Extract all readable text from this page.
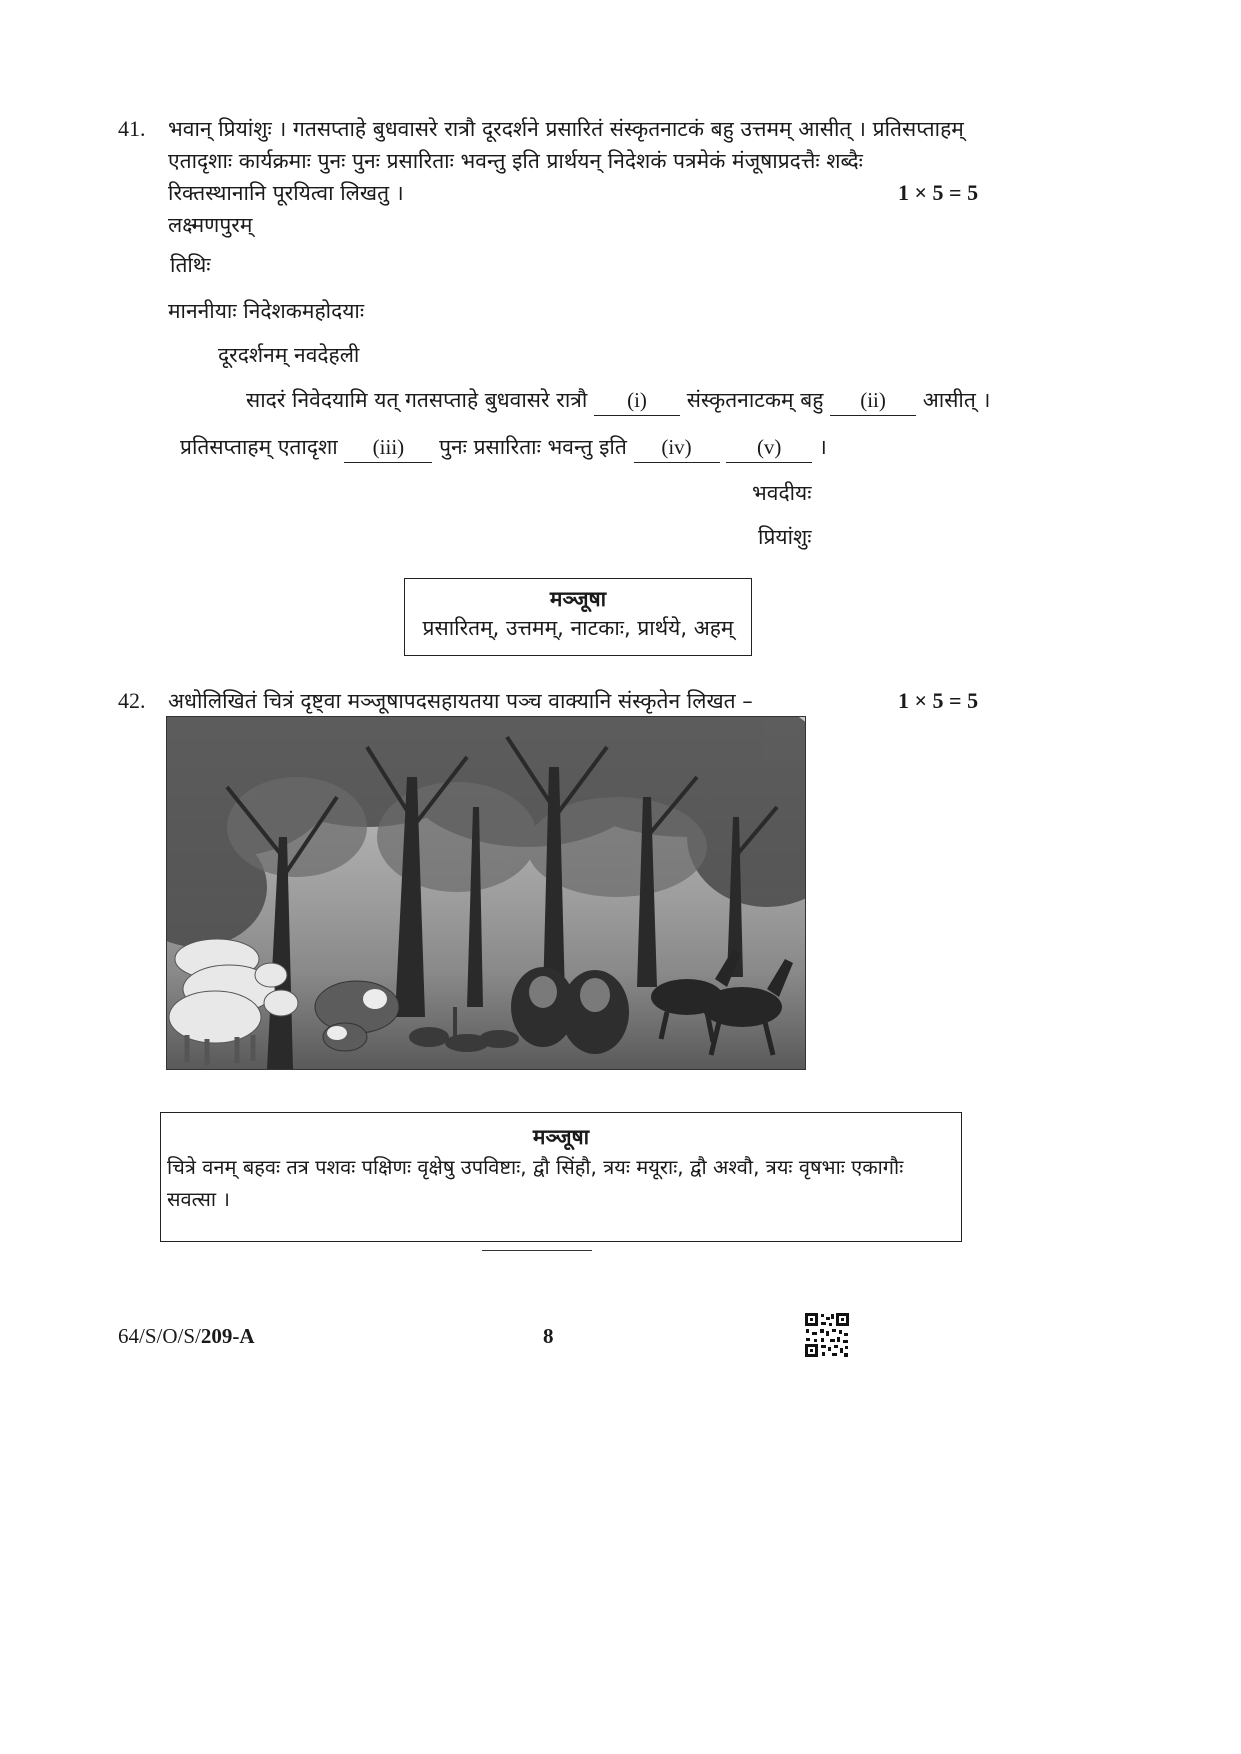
41. भवान् प्रियांशुः । गतसप्ताहे बुधवासरे रात्रौ दूरदर्शने प्रसारितं संस्कृतनाटकं बहु उत्तमम् आसीत् । प्रतिसप्ताहम्
एतादृशाः कार्यक्रमाः पुनः पुनः प्रसारिताः भवन्तु इति प्रार्थयन् निदेशकं पत्रमेकं मंजूषाप्रदत्तैः शब्दैः
रिक्तस्थानानि पूरयित्वा लिखतु ।	1 × 5 = 5
लक्ष्मणपुरम्
तिथिः
माननीयाः निदेशकमहोदयाः
दूरदर्शनम् नवदेहली
सादरं निवेदयामि यत् गतसप्ताहे बुधवासरे रात्रौ (i) संस्कृतनाटकम् बहु (ii) आसीत् ।
प्रतिसप्ताहम् एतादृशा (iii) पुनः प्रसारिताः भवन्तु इति (iv)	(v) ।
भवदीयः
प्रियांशुः
मञ्जूषा
प्रसारितम्, उत्तमम्, नाटकाः, प्रार्थये, अहम्
42. अधोलिखितं चित्रं दृष्ट्वा मञ्जूषापदसहायतया पञ्च वाक्यानि संस्कृतेन लिखत –	1 × 5 = 5
मञ्जूषा
चित्रे वनम् बहवः तत्र पशवः पक्षिणः वृक्षेषु उपविष्टाः, द्वौ सिंहौ, त्रयः मयूराः, द्वौ अश्वौ, त्रयः वृषभाः एकागौः
सवत्सा ।
64/S/O/S/209-A	8
